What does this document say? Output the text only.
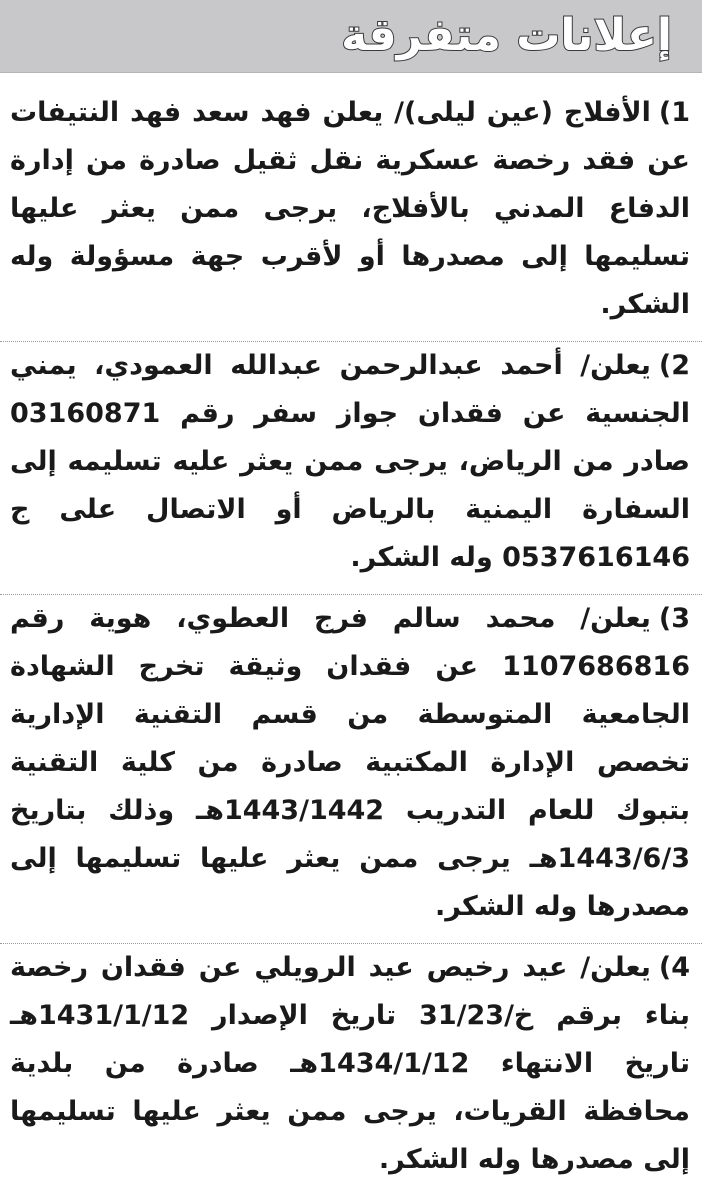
إعلانات متفرقة
1)الأفلاج (عين ليلى)/ يعلن فهد سعد فهد النتيفات عن فقد رخصة عسكرية نقل ثقيل صادرة من إدارة الدفاع المدني بالأفلاج، يرجى ممن يعثر عليها تسليمها إلى مصدرها أو لأقرب جهة مسؤولة وله الشكر.
2)يعلن/ أحمد عبدالرحمن عبدالله العمودي، يمني الجنسية عن فقدان جواز سفر رقم 03160871 صادر من الرياض، يرجى ممن يعثر عليه تسليمه إلى السفارة اليمنية بالرياض أو الاتصال على ج 0537616146 وله الشكر.
3)يعلن/ محمد سالم فرج العطوي، هوية رقم 1107686816 عن فقدان وثيقة تخرج الشهادة الجامعية المتوسطة من قسم التقنية الإدارية تخصص الإدارة المكتبية صادرة من كلية التقنية بتبوك للعام التدريب 1443/1442هـ وذلك بتاريخ 1443/6/3هـ يرجى ممن يعثر عليها تسليمها إلى مصدرها وله الشكر.
4)يعلن/ عيد رخيص عيد الرويلي عن فقدان رخصة بناء برقم خ/31/23 تاريخ الإصدار 1431/1/12هـ تاريخ الانتهاء 1434/1/12هـ صادرة من بلدية محافظة القريات، يرجى ممن يعثر عليها تسليمها إلى مصدرها وله الشكر.
